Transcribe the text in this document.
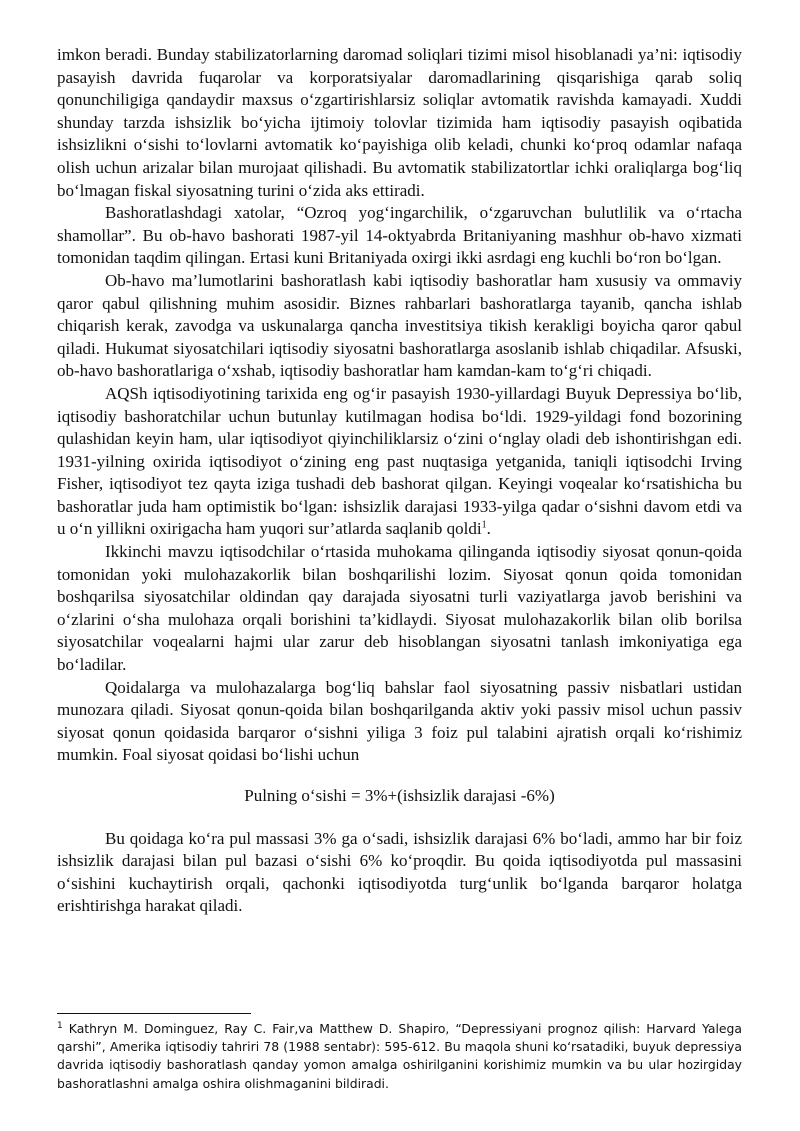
imkon beradi. Bunday stabilizatorlarning daromad soliqlari tizimi misol hisoblanadi ya’ni: iqtisodiy pasayish davrida fuqarolar va korporatsiyalar daromadlarining qisqarishiga qarab soliq qonunchiligiga qandaydir maxsus o‘zgartirishlarsiz soliqlar avtomatik ravishda kamayadi. Xuddi shunday tarzda ishsizlik bo‘yicha ijtimoiy tolovlar tizimida ham iqtisodiy pasayish oqibatida ishsizlikni o‘sishi to‘lovlarni avtomatik ko‘payishiga olib keladi, chunki ko‘proq odamlar nafaqa olish uchun arizalar bilan murojaat qilishadi. Bu avtomatik stabilizatortlar ichki oraliqlarga bog‘liq bo‘lmagan fiskal siyosatning turini o‘zida aks ettiradi.

Bashoratlashdagi xatolar, “Ozroq yog‘ingarchilik, o‘zgaruvchan bulutlilik va o‘rtacha shamollar”. Bu ob-havo bashorati 1987-yil 14-oktyabrda Britaniyaning mashhur ob-havo xizmati tomonidan taqdim qilingan. Ertasi kuni Britaniyada oxirgi ikki asrdagi eng kuchli bo‘ron bo‘lgan.

Ob-havo ma’lumotlarini bashoratlash kabi iqtisodiy bashoratlar ham xususiy va ommaviy qaror qabul qilishning muhim asosidir. Biznes rahbarlari bashoratlarga tayanib, qancha ishlab chiqarish kerak, zavodga va uskunalarga qancha investitsiya tikish kerakligi boyicha qaror qabul qiladi. Hukumat siyosatchilari iqtisodiy siyosatni bashoratlarga asoslanib ishlab chiqadilar. Afsuski, ob-havo bashoratlariga o‘xshab, iqtisodiy bashoratlar ham kamdan-kam to‘g‘ri chiqadi.

AQSh iqtisodiyotining tarixida eng og‘ir pasayish 1930-yillardagi Buyuk Depressiya bo‘lib, iqtisodiy bashoratchilar uchun butunlay kutilmagan hodisa bo‘ldi. 1929-yildagi fond bozorining qulashidan keyin ham, ular iqtisodiyot qiyinchiliklarsiz o‘zini o‘nglay oladi deb ishontirishgan edi. 1931-yilning oxirida iqtisodiyot o‘zining eng past nuqtasiga yetganida, taniqli iqtisodchi Irving Fisher, iqtisodiyot tez qayta iziga tushadi deb bashorat qilgan. Keyingi voqealar ko‘rsatishicha bu bashoratlar juda ham optimistik bo‘lgan: ishsizlik darajasi 1933-yilga qadar o‘sishni davom etdi va u o‘n yillikni oxirigacha ham yuqori sur’atlarda saqlanib qoldi$^1$.

Ikkinchi mavzu iqtisodchilar o‘rtasida muhokama qilinganda iqtisodiy siyosat qonun-qoida tomonidan yoki mulohazakorlik bilan boshqarilishi lozim. Siyosat qonun qoida tomonidan boshqarilsa siyosatchilar oldindan qay darajada siyosatni turli vaziyatlarga javob berishini va o‘zlarini o‘sha mulohaza orqali borishini ta’kidlaydi. Siyosat mulohazakorlik bilan olib borilsa siyosatchilar voqealarni hajmi ular zarur deb hisoblangan siyosatni tanlash imkoniyatiga ega bo‘ladilar.

Qoidalarga va mulohazalarga bog‘liq bahslar faol siyosatning passiv nisbatlari ustidan munozara qiladi. Siyosat qonun-qoida bilan boshqarilganda aktiv yoki passiv misol uchun passiv siyosat qonun qoidasida barqaror o‘sishni yiliga 3 foiz pul talabini ajratish orqali ko‘rishimiz mumkin. Foal siyosat qoidasi bo‘lishi uchun

Pulning o‘sishi = 3%+(ishsizlik darajasi -6%)

Bu qoidaga ko‘ra pul massasi 3% ga o‘sadi, ishsizlik darajasi 6% bo‘ladi, ammo har bir foiz ishsizlik darajasi bilan pul bazasi o‘sishi 6% ko‘proqdir. Bu qoida iqtisodiyotda pul massasini o‘sishini kuchaytirish orqali, qachonki iqtisodiyotda turg‘unlik bo‘lganda barqaror holatga erishtirishga harakat qiladi.

$^1$ Kathryn M. Dominguez, Ray C. Fair,va Matthew D. Shapiro, “Depressiyani prognoz qilish: Harvard Yalega qarshi”, Amerika iqtisodiy tahriri 78 (1988 sentabr): 595-612. Bu maqola shuni ko‘rsatadiki, buyuk depressiya davrida iqtisodiy bashoratlash qanday yomon amalga oshirilganini korishimiz mumkin va bu ular hozirgiday bashoratlashni amalga oshira olishmaganini bildiradi.
